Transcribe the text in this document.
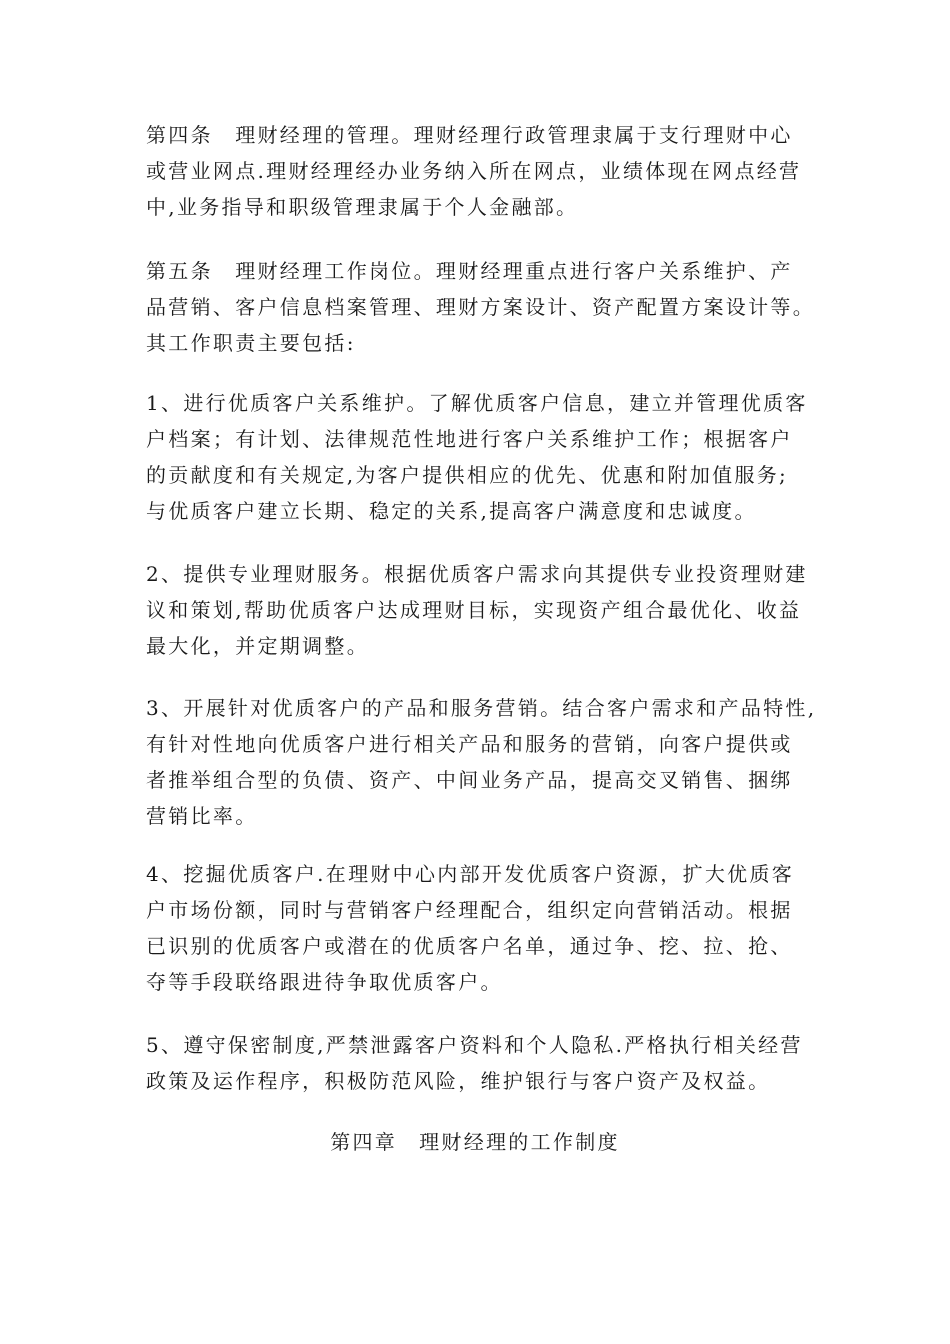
第四条　理财经理的管理。理财经理行政管理隶属于支行理财中心
或营业网点.理财经理经办业务纳入所在网点，业绩体现在网点经营
中,业务指导和职级管理隶属于个人金融部。
第五条　理财经理工作岗位。理财经理重点进行客户关系维护、产
品营销、客户信息档案管理、理财方案设计、资产配置方案设计等。
其工作职责主要包括:
1、进行优质客户关系维护。了解优质客户信息，建立并管理优质客
户档案；有计划、法律规范性地进行客户关系维护工作；根据客户
的贡献度和有关规定,为客户提供相应的优先、优惠和附加值服务;
与优质客户建立长期、稳定的关系,提高客户满意度和忠诚度。
2、提供专业理财服务。根据优质客户需求向其提供专业投资理财建
议和策划,帮助优质客户达成理财目标，实现资产组合最优化、收益
最大化，并定期调整。
3、开展针对优质客户的产品和服务营销。结合客户需求和产品特性,
有针对性地向优质客户进行相关产品和服务的营销，向客户提供或
者推举组合型的负债、资产、中间业务产品，提高交叉销售、捆绑
营销比率。
4、挖掘优质客户.在理财中心内部开发优质客户资源，扩大优质客
户市场份额，同时与营销客户经理配合，组织定向营销活动。根据
已识别的优质客户或潜在的优质客户名单，通过争、挖、拉、抢、
夺等手段联络跟进待争取优质客户。
5、遵守保密制度,严禁泄露客户资料和个人隐私.严格执行相关经营
政策及运作程序，积极防范风险，维护银行与客户资产及权益。
第四章 理财经理的工作制度
